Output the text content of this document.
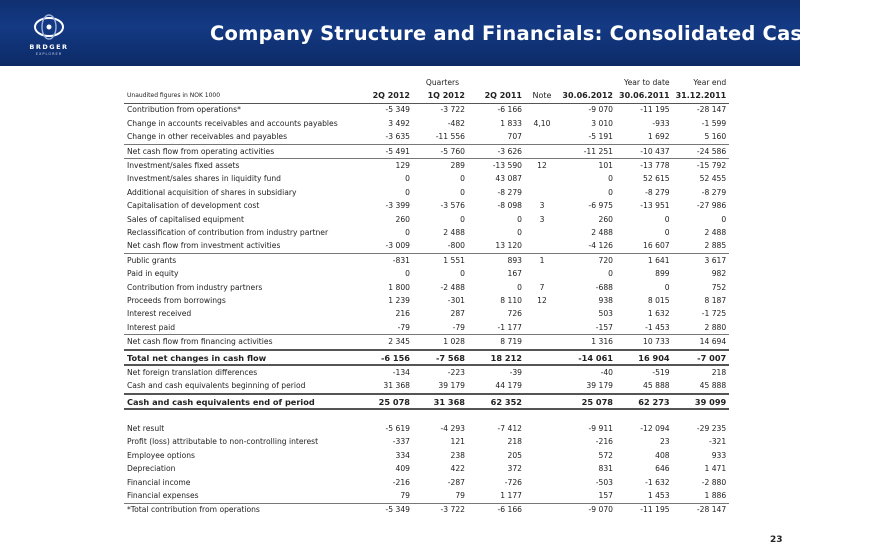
BRDGER
EXPLORER
Company Structure and Financials: Consolidated Cash Flow
	Quarters				Year to date		Year end
Unaudited figures in NOK 1000	2Q 2012	1Q 2012	2Q 2011	Note	30.06.2012	30.06.2011	31.12.2011
Contribution from operations*	-5 349	-3 722	-6 166		-9 070	-11 195	-28 147
Change in accounts receivables and accounts payables	3 492	-482	1 833	4,10	3 010	-933	-1 599
Change in other receivables and payables	-3 635	-11 556	707		-5 191	1 692	5 160
Net cash flow from operating activities	-5 491	-5 760	-3 626		-11 251	-10 437	-24 586
Investment/sales fixed assets	129	289	-13 590	12	101	-13 778	-15 792
Investment/sales shares in liquidity fund	0	0	43 087		0	52 615	52 455
Additional acquisition of shares in subsidiary	0	0	-8 279		0	-8 279	-8 279
Capitalisation of development cost	-3 399	-3 576	-8 098	3	-6 975	-13 951	-27 986
Sales of capitalised equipment	260	0	0	3	260	0	0
Reclassification of contribution from industry partner	0	2 488	0		2 488	0	2 488
Net cash flow from investment activities	-3 009	-800	13 120		-4 126	16 607	2 885
Public grants	-831	1 551	893	1	720	1 641	3 617
Paid in equity	0	0	167		0	899	982
Contribution from industry partners	1 800	-2 488	0	7	-688	0	752
Proceeds from borrowings	1 239	-301	8 110	12	938	8 015	8 187
Interest received	216	287	726		503	1 632	-1 725
Interest paid	-79	-79	-1 177		-157	-1 453	2 880
Net cash flow from financing activities	2 345	1 028	8 719		1 316	10 733	14 694
Total net changes in cash flow	-6 156	-7 568	18 212		-14 061	16 904	-7 007
Net foreign translation differences	-134	-223	-39		-40	-519	218
Cash and cash equivalents beginning of period	31 368	39 179	44 179		39 179	45 888	45 888
Cash and cash equivalents end of period	25 078	31 368	62 352		25 078	62 273	39 099

Net result	-5 619	-4 293	-7 412		-9 911	-12 094	-29 235
Profit (loss) attributable to non-controlling interest	-337	121	218		-216	23	-321
Employee options	334	238	205		572	408	933
Depreciation	409	422	372		831	646	1 471
Financial income	-216	-287	-726		-503	-1 632	-2 880
Financial expenses	79	79	1 177		157	1 453	1 886
*Total contribution from operations	-5 349	-3 722	-6 166		-9 070	-11 195	-28 147
23
